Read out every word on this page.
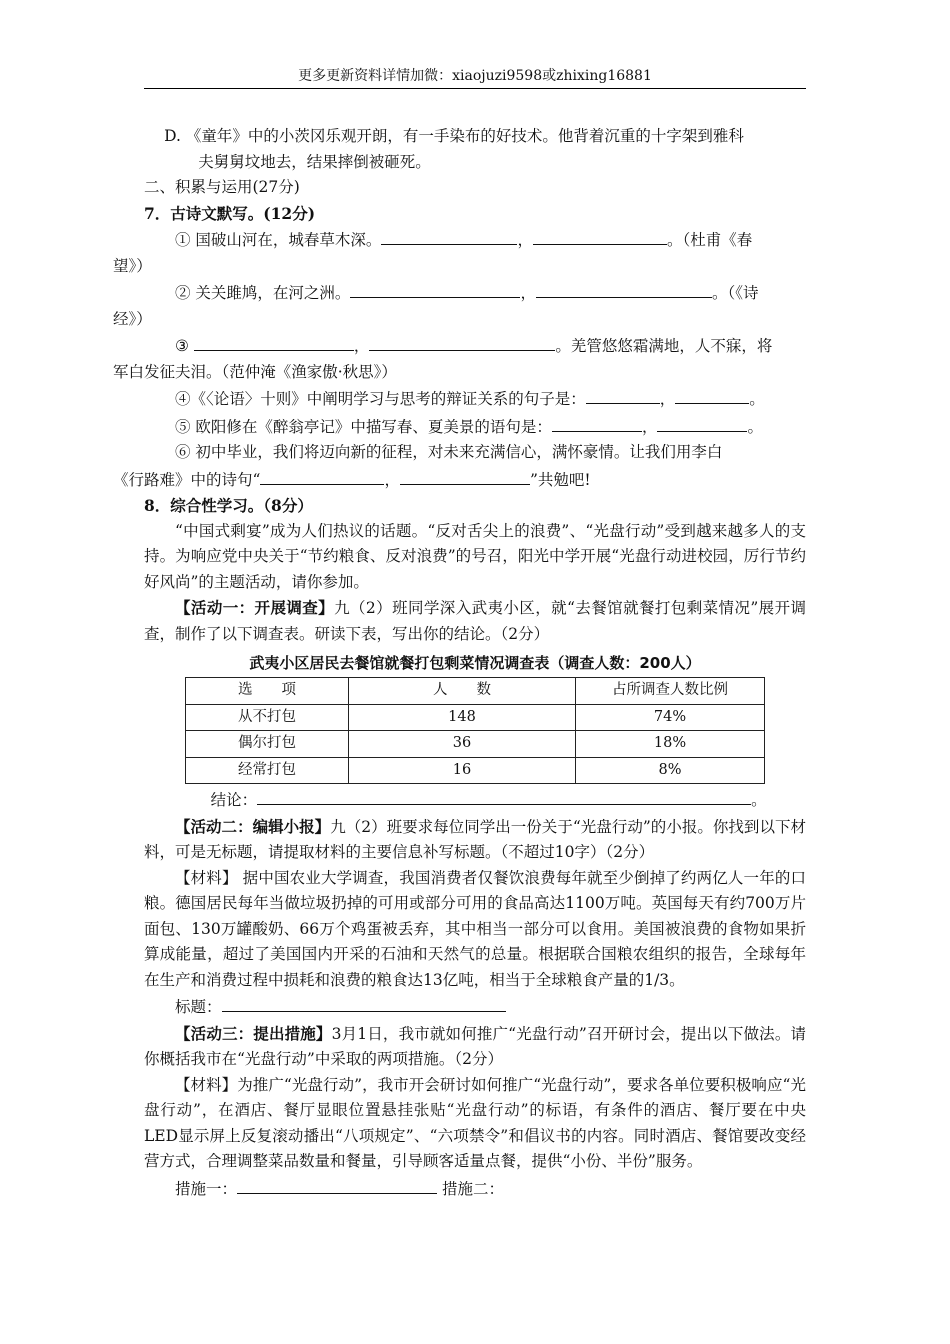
更多更新资料详情加微：xiaojuzi9598或zhixing16881
D. 《童年》中的小茨冈乐观开朗，有一手染布的好技术。他背着沉重的十字架到雅科
夫舅舅坟地去，结果摔倒被砸死。
二、积累与运用(27分)
7．古诗文默写。(12分)
① 国破山河在，城春草木深。	，	。（杜甫《春
望》）
② 关关雎鸠，在河之洲。	，	。（《诗
经》）
③	，	。羌管悠悠霜满地，人不寐，将
军白发征夫泪。（范仲淹《渔家傲·秋思》）
④《〈论语〉十则》中阐明学习与思考的辩证关系的句子是：	，	。
⑤ 欧阳修在《醉翁亭记》中描写春、夏美景的语句是：	，	。
⑥ 初中毕业，我们将迈向新的征程，对未来充满信心，满怀豪情。让我们用李白
《行路难》中的诗句“	，	”共勉吧!
8．综合性学习。（8分）
“中国式剩宴”成为人们热议的话题。“反对舌尖上的浪费”、“光盘行动”受到越来越多人的支持。为响应党中央关于“节约粮食、反对浪费”的号召，阳光中学开展“光盘行动进校园，厉行节约好风尚”的主题活动，请你参加。
【活动一：开展调查】九（2）班同学深入武夷小区，就“去餐馆就餐打包剩菜情况”展开调查，制作了以下调查表。研读下表，写出你的结论。（2分）
武夷小区居民去餐馆就餐打包剩菜情况调查表（调查人数：200人）
选　　项	人　　数	占所调查人数比例
从不打包	148	74%
偶尔打包	36	18%
经常打包	16	8%
结论：	。
【活动二：编辑小报】九（2）班要求每位同学出一份关于“光盘行动”的小报。你找到以下材料，可是无标题，请提取材料的主要信息补写标题。（不超过10字）（2分）
【材料】 据中国农业大学调查，我国消费者仅餐饮浪费每年就至少倒掉了约两亿人一年的口粮。德国居民每年当做垃圾扔掉的可用或部分可用的食品高达1100万吨。英国每天有约700万片面包、130万罐酸奶、66万个鸡蛋被丢弃，其中相当一部分可以食用。美国被浪费的食物如果折算成能量，超过了美国国内开采的石油和天然气的总量。根据联合国粮农组织的报告，全球每年在生产和消费过程中损耗和浪费的粮食达13亿吨，相当于全球粮食产量的1/3。
标题：
【活动三：提出措施】3月1日，我市就如何推广“光盘行动”召开研讨会，提出以下做法。请你概括我市在“光盘行动”中采取的两项措施。（2分）
【材料】为推广“光盘行动”，我市开会研讨如何推广“光盘行动”，要求各单位要积极响应“光盘行动”，在酒店、餐厅显眼位置悬挂张贴“光盘行动”的标语，有条件的酒店、餐厅要在中央LED显示屏上反复滚动播出“八项规定”、“六项禁令”和倡议书的内容。同时酒店、餐馆要改变经营方式，合理调整菜品数量和餐量，引导顾客适量点餐，提供“小份、半份”服务。
措施一：	措施二：
